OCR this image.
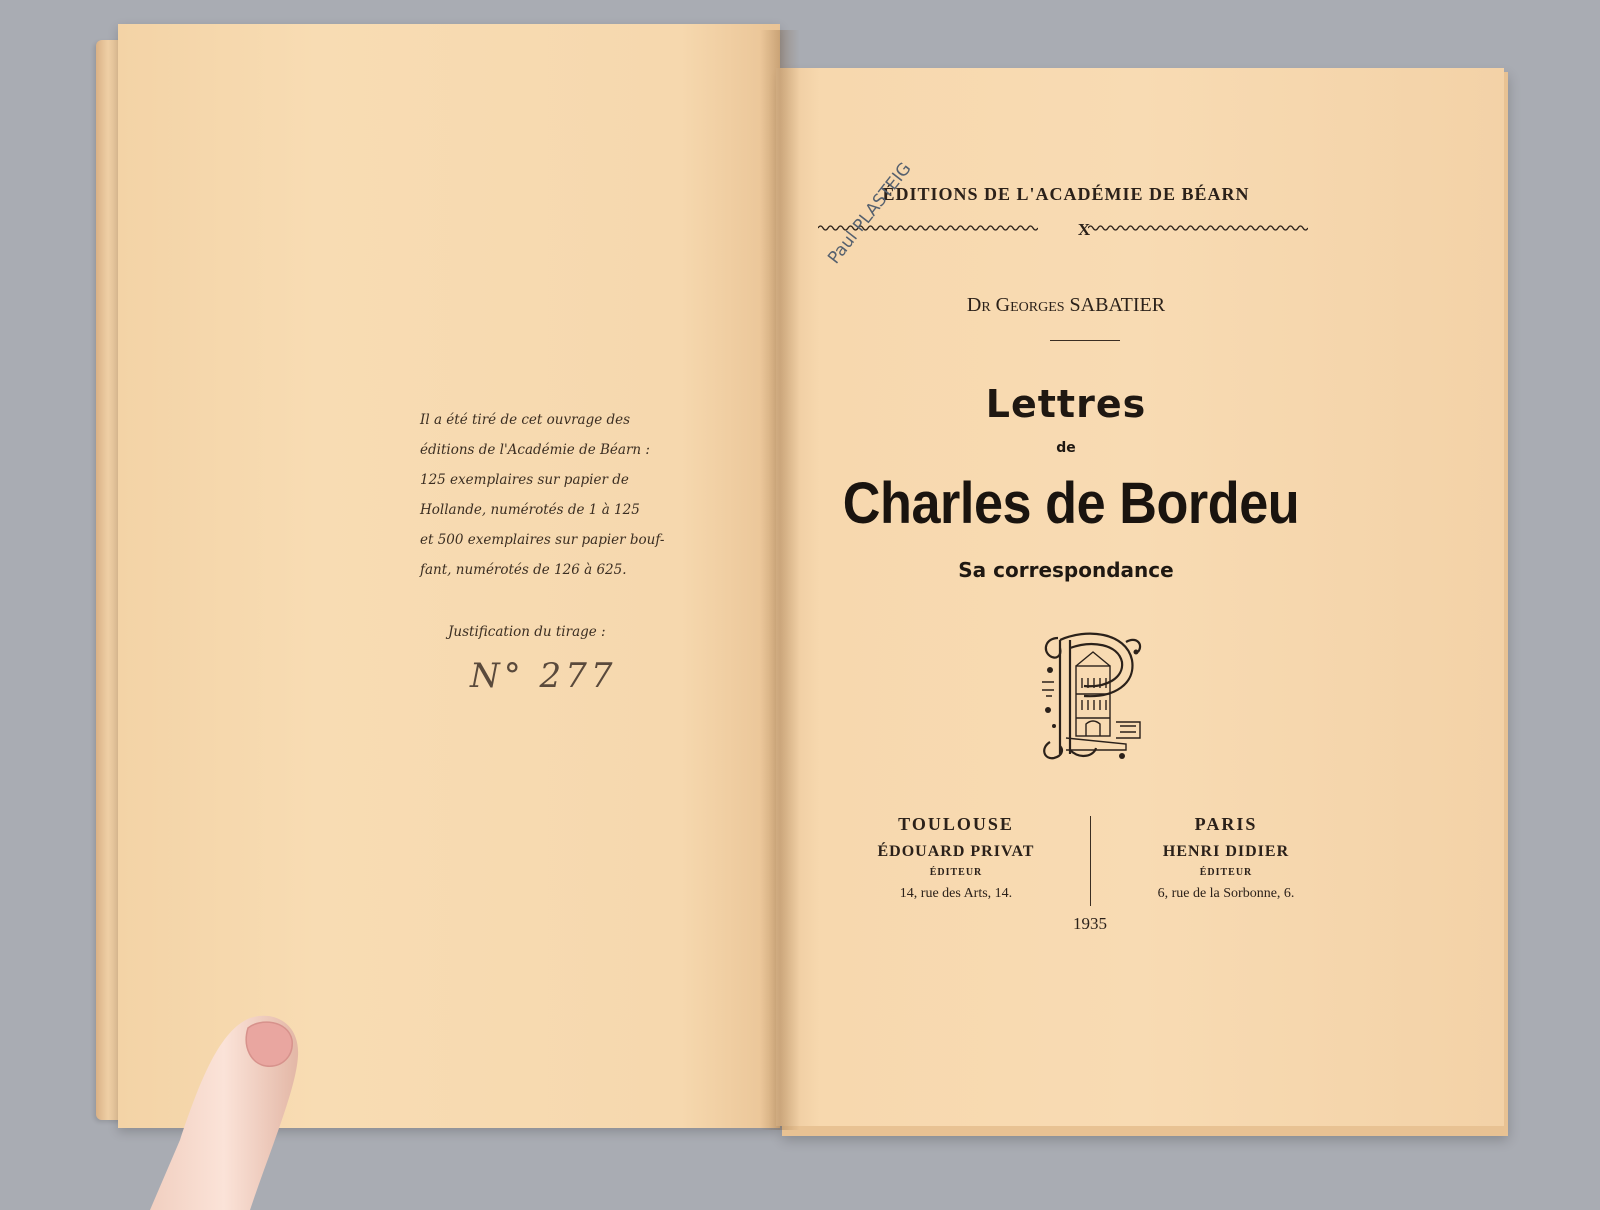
Il a été tiré de cet ouvrage des
éditions de l'Académie de Béarn :
125 exemplaires sur papier de
Hollande, numérotés de 1 à 125
et 500 exemplaires sur papier bouf-
fant, numérotés de 126 à 625.
Justification du tirage :
N° 277
ÉDITIONS DE L'ACADÉMIE DE BÉARN
X
Paul PLASTEIG
Dr Georges SABATIER
Lettres
de
Charles de Bordeu
Sa correspondance
TOULOUSE
ÉDOUARD PRIVAT
ÉDITEUR
14, rue des Arts, 14.
PARIS
HENRI DIDIER
ÉDITEUR
6, rue de la Sorbonne, 6.
1935
